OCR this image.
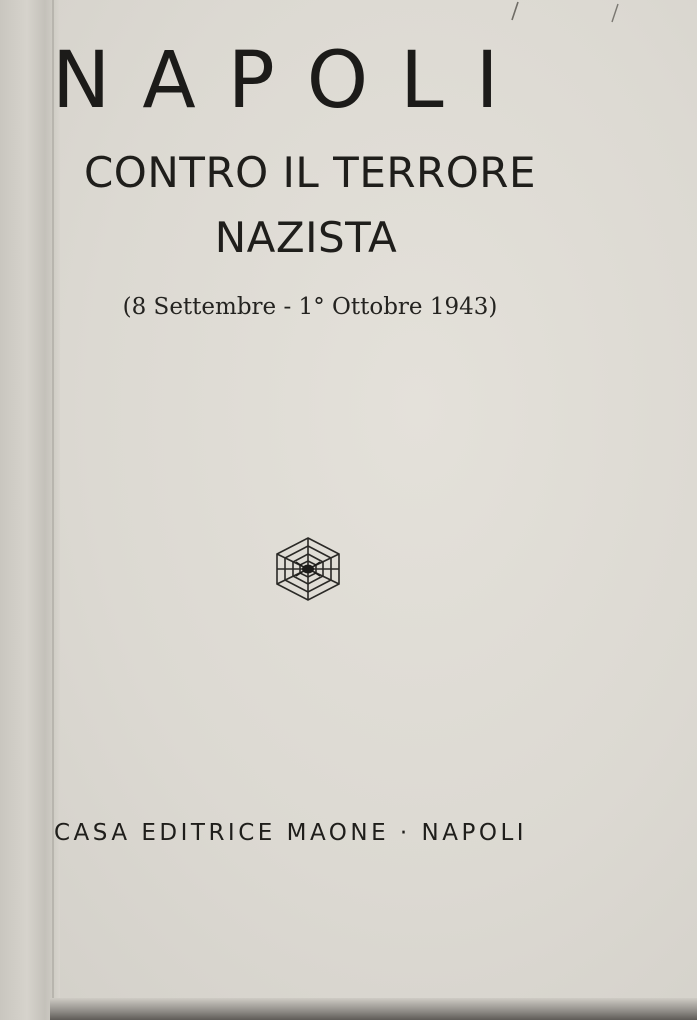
NAPOLI
CONTRO IL TERRORE
NAZISTA
(8 Settembre - 1° Ottobre 1943)
CASA EDITRICE MAONE · NAPOLI
